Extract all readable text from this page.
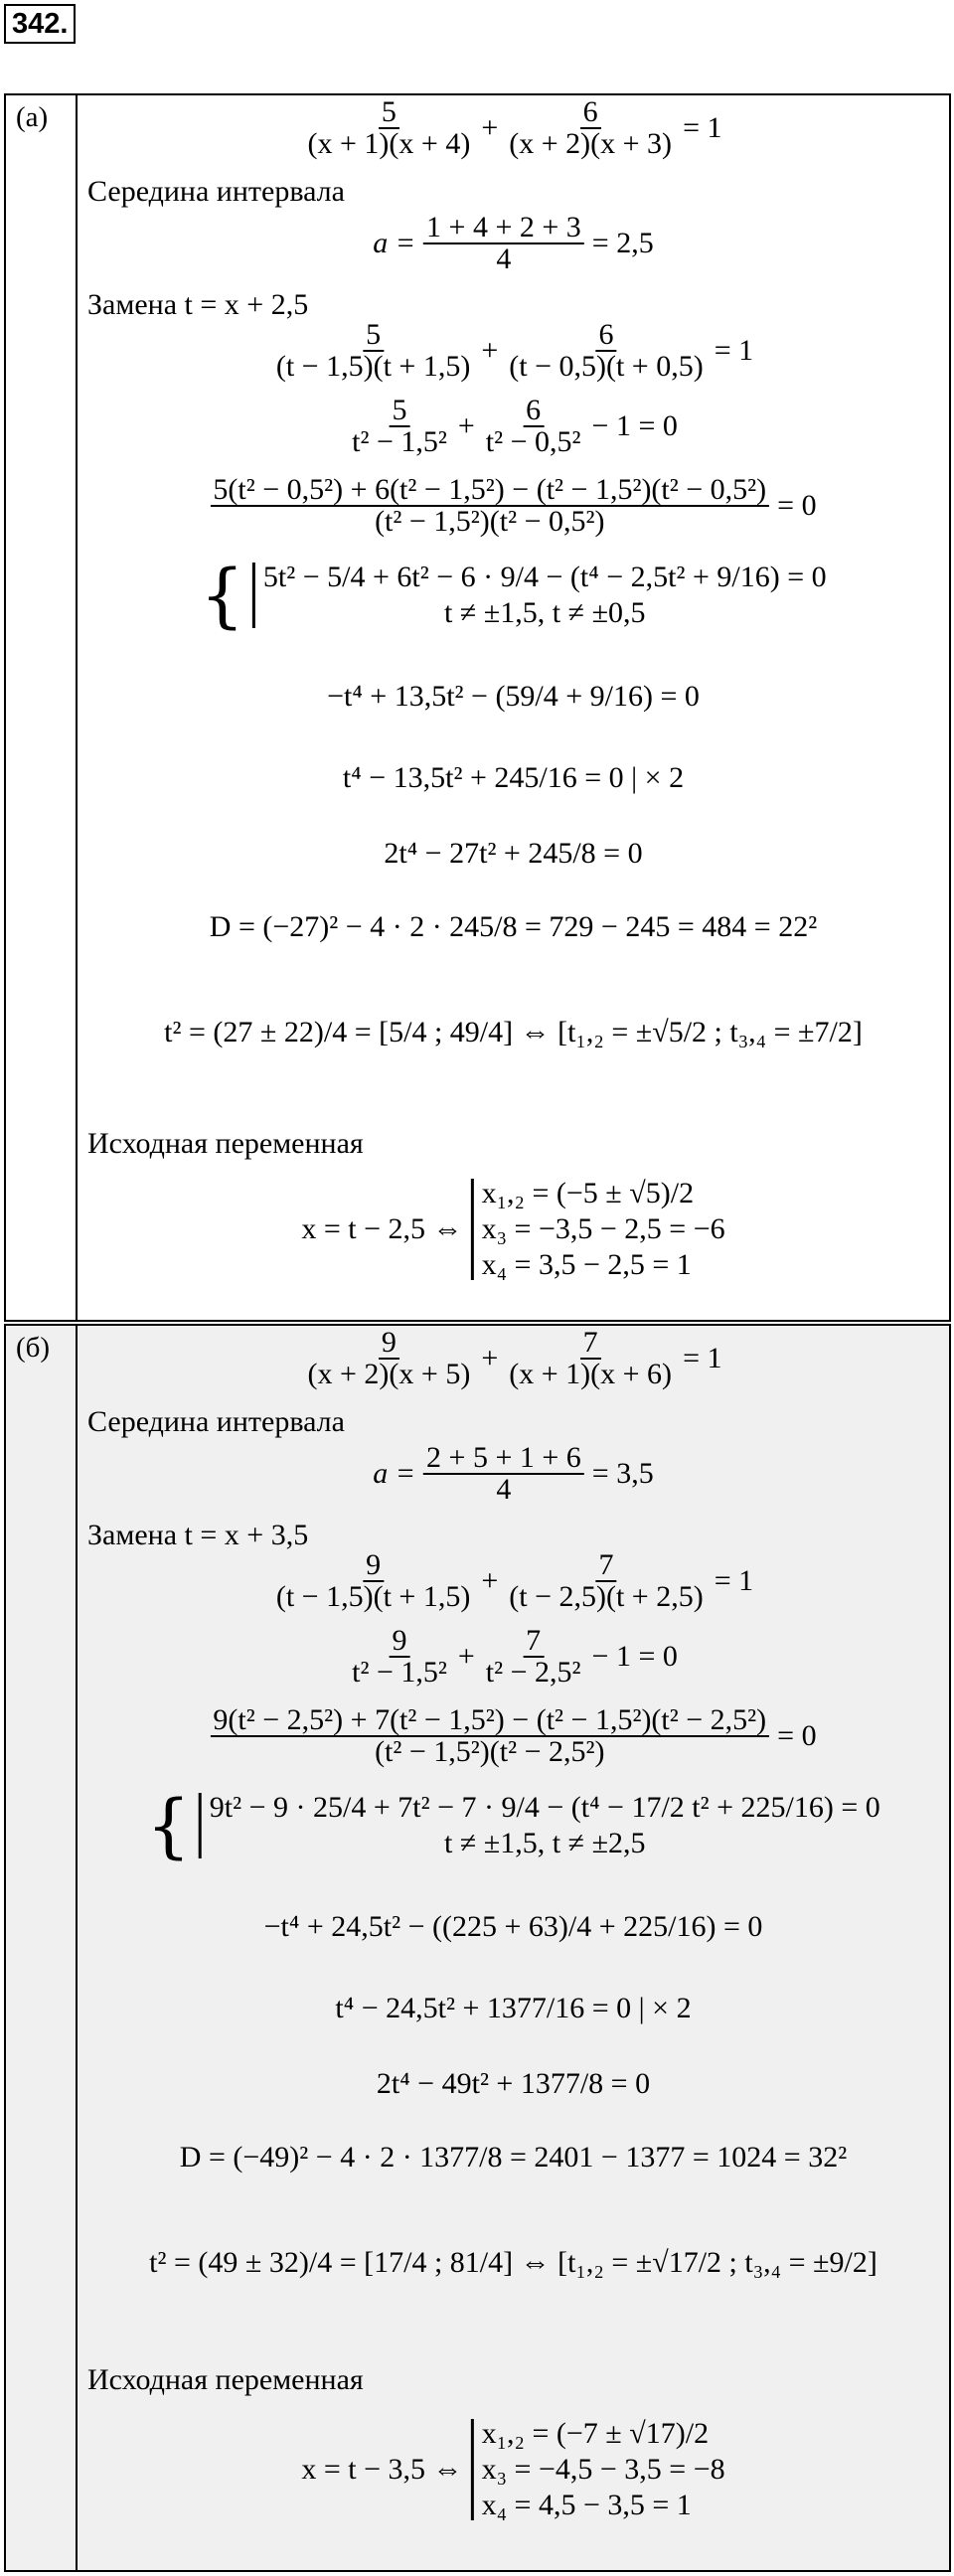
342.
(а)	$\frac{5}{(x + 1)(x + 4)} + \frac{6}{(x + 2)(x + 3)} = 1$
Середина интервала
$a = \frac{1 + 4 + 2 + 3}{4} = 2,5$
Замена t = x + 2,5
$\frac{5}{(t - 1,5)(t + 1,5)} + \frac{6}{(t - 0,5)(t + 0,5)} = 1$
$\frac{5}{\text{t² − 1,5²}} + \frac{6}{\text{t² − 0,5²}} - 1 = 0$
$\frac{\text{5(t² − 0,5²) + 6(t² − 1,5²) − (t² − 1,5²)(t² − 0,5²)}}{\text{(t² − 1,5²)(t² − 0,5²)}} = 0$
{ 5t² − 5/4 + 6t² − 6 · 9/4 − (t⁴ − 2,5t² + 9/16) = 0
t ≠ ±1,5, t ≠ ±0,5
−t⁴ + 13,5t² − (59/4 + 9/16) = 0
t⁴ − 13,5t² + 245/16 = 0 | × 2
2t⁴ − 27t² + 245/8 = 0
D = (−27)² − 4 · 2 · 245/8 = 729 − 245 = 484 = 22²
t² = (27 ± 22)/4 = [5/4 ; 49/4] ⇔ [t₁,₂ = ±√5/2 ; t₃,₄ = ±7/2]
Исходная переменная
x = t − 2,5 ⇔
x₁,₂ = (−5 ± √5)/2
x₃ = −3,5 − 2,5 = −6
x₄ = 3,5 − 2,5 = 1
(б)	$\frac{9}{(x + 2)(x + 5)} + \frac{7}{(x + 1)(x + 6)} = 1$
Середина интервала
$a = \frac{2 + 5 + 1 + 6}{4} = 3,5$
Замена t = x + 3,5
$\frac{9}{(t - 1,5)(t + 1,5)} + \frac{7}{(t - 2,5)(t + 2,5)} = 1$
$\frac{9}{\text{t² − 1,5²}} + \frac{7}{\text{t² − 2,5²}} - 1 = 0$
$\frac{\text{9(t² − 2,5²) + 7(t² − 1,5²) − (t² − 1,5²)(t² − 2,5²)}}{\text{(t² − 1,5²)(t² − 2,5²)}} = 0$
{ 9t² − 9 · 25/4 + 7t² − 7 · 9/4 − (t⁴ − 17/2 t² + 225/16) = 0
t ≠ ±1,5, t ≠ ±2,5
−t⁴ + 24,5t² − ((225 + 63)/4 + 225/16) = 0
t⁴ − 24,5t² + 1377/16 = 0 | × 2
2t⁴ − 49t² + 1377/8 = 0
D = (−49)² − 4 · 2 · 1377/8 = 2401 − 1377 = 1024 = 32²
t² = (49 ± 32)/4 = [17/4 ; 81/4] ⇔ [t₁,₂ = ±√17/2 ; t₃,₄ = ±9/2]
Исходная переменная
x = t − 3,5 ⇔
x₁,₂ = (−7 ± √17)/2
x₃ = −4,5 − 3,5 = −8
x₄ = 4,5 − 3,5 = 1
